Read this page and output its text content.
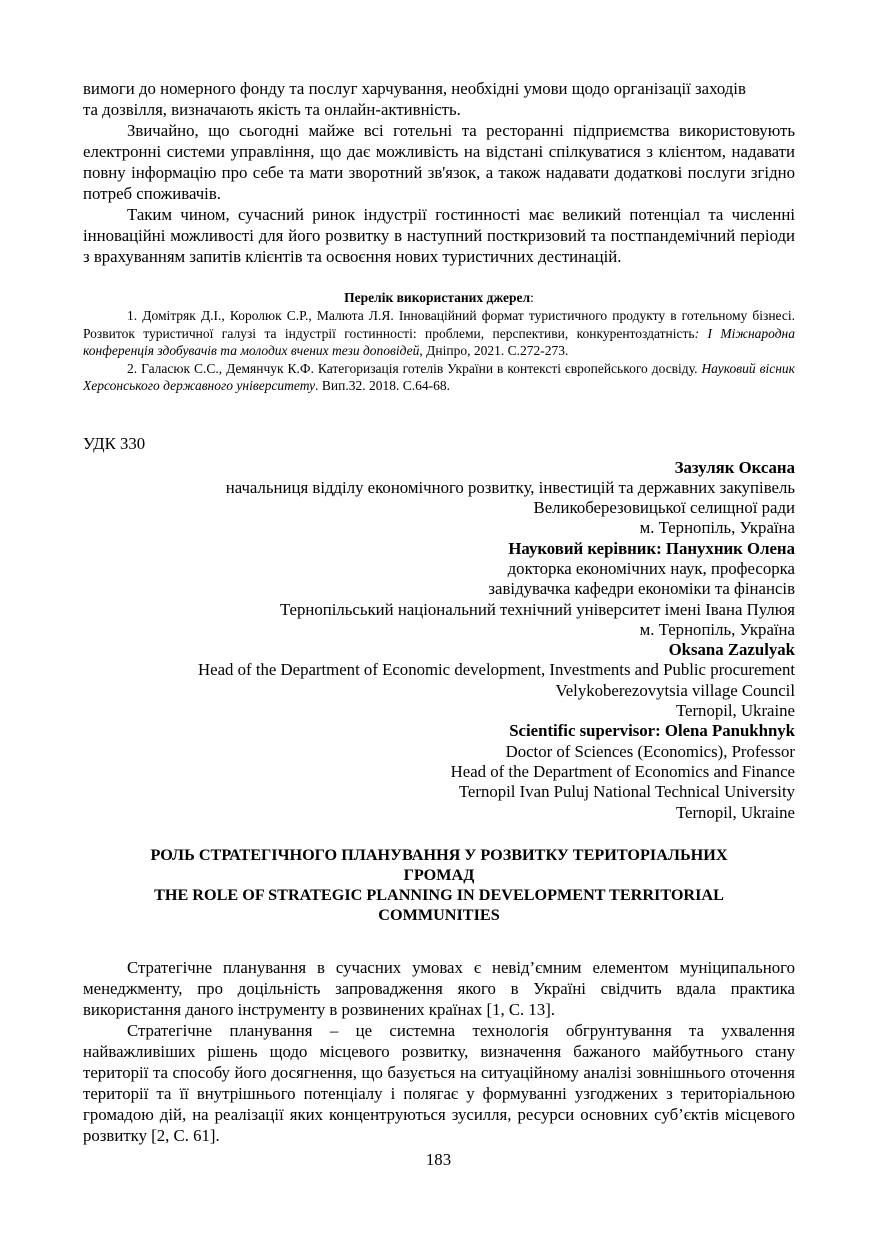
вимоги до номерного фонду та послуг харчування, необхідні умови щодо організації заходів
та дозвілля, визначають якість та онлайн-активність.

Звичайно, що сьогодні майже всі готельні та ресторанні підприємства використовують електронні системи управління, що дає можливість на відстані спілкуватися з клієнтом, надавати повну інформацію про себе та мати зворотний зв'язок, а також надавати додаткові послуги згідно потреб споживачів.

Таким чином, сучасний ринок індустрії гостинності має великий потенціал та численні інноваційні можливості для його розвитку в наступний посткризовий та постпандемічний періоди з врахуванням запитів клієнтів та освоєння нових туристичних дестинацій.

Перелік використаних джерел:

1. Домітряк Д.І., Королюк С.Р., Малюта Л.Я. Інноваційний формат туристичного продукту в готельному бізнесі. Розвиток туристичної галузі та індустрії гостинності: проблеми, перспективи, конкурентоздатність: І Міжнародна конференція здобувачів та молодих вчених тези доповідей, Дніпро, 2021. С.272-273.

2. Галасюк С.С., Демянчук К.Ф. Категоризація готелів України в контексті європейського досвіду. Науковий вісник Херсонського державного університету. Вип.32. 2018. С.64-68.

УДК 330
Зазуляк Оксана
начальниця відділу економічного розвитку, інвестицій та державних закупівель
Великоберезовицької селищної ради
м. Тернопіль, Україна
Науковий керівник: Панухник Олена
докторка економічних наук, професорка
завідувачка кафедри економіки та фінансів
Тернопільський національний технічний університет імені Івана Пулюя
м. Тернопіль, Україна
Oksana Zazulyak
Head of the Department of Economic development, Investments and Public procurement
Velykoberezovytsia village Council
Ternopil, Ukraine
Scientific supervisor: Olena Panukhnyk
Doctor of Sciences (Economics), Professor
Head of the Department of Economics and Finance
Ternopil Ivan Puluj National Technical University
Ternopil, Ukraine
РОЛЬ СТРАТЕГІЧНОГО ПЛАНУВАННЯ У РОЗВИТКУ ТЕРИТОРІАЛЬНИХ
ГРОМАД
THE ROLE OF STRATEGIC PLANNING IN DEVELOPMENT TERRITORIAL
COMMUNITIES

Стратегічне планування в сучасних умовах є невід’ємним елементом муніципального менеджменту, про доцільність запровадження якого в Україні свідчить вдала практика використання даного інструменту в розвинених країнах [1, С. 13].

Стратегічне планування – це системна технологія обгрунтування та ухвалення найважливіших рішень щодо місцевого розвитку, визначення бажаного майбутнього стану території та способу його досягнення, що базується на ситуаційному аналізі зовнішнього оточення території та її внутрішнього потенціалу і полягає у формуванні узгоджених з територіальною громадою дій, на реалізації яких концентруються зусилля, ресурси основних суб’єктів місцевого розвитку [2, С. 61].

183
